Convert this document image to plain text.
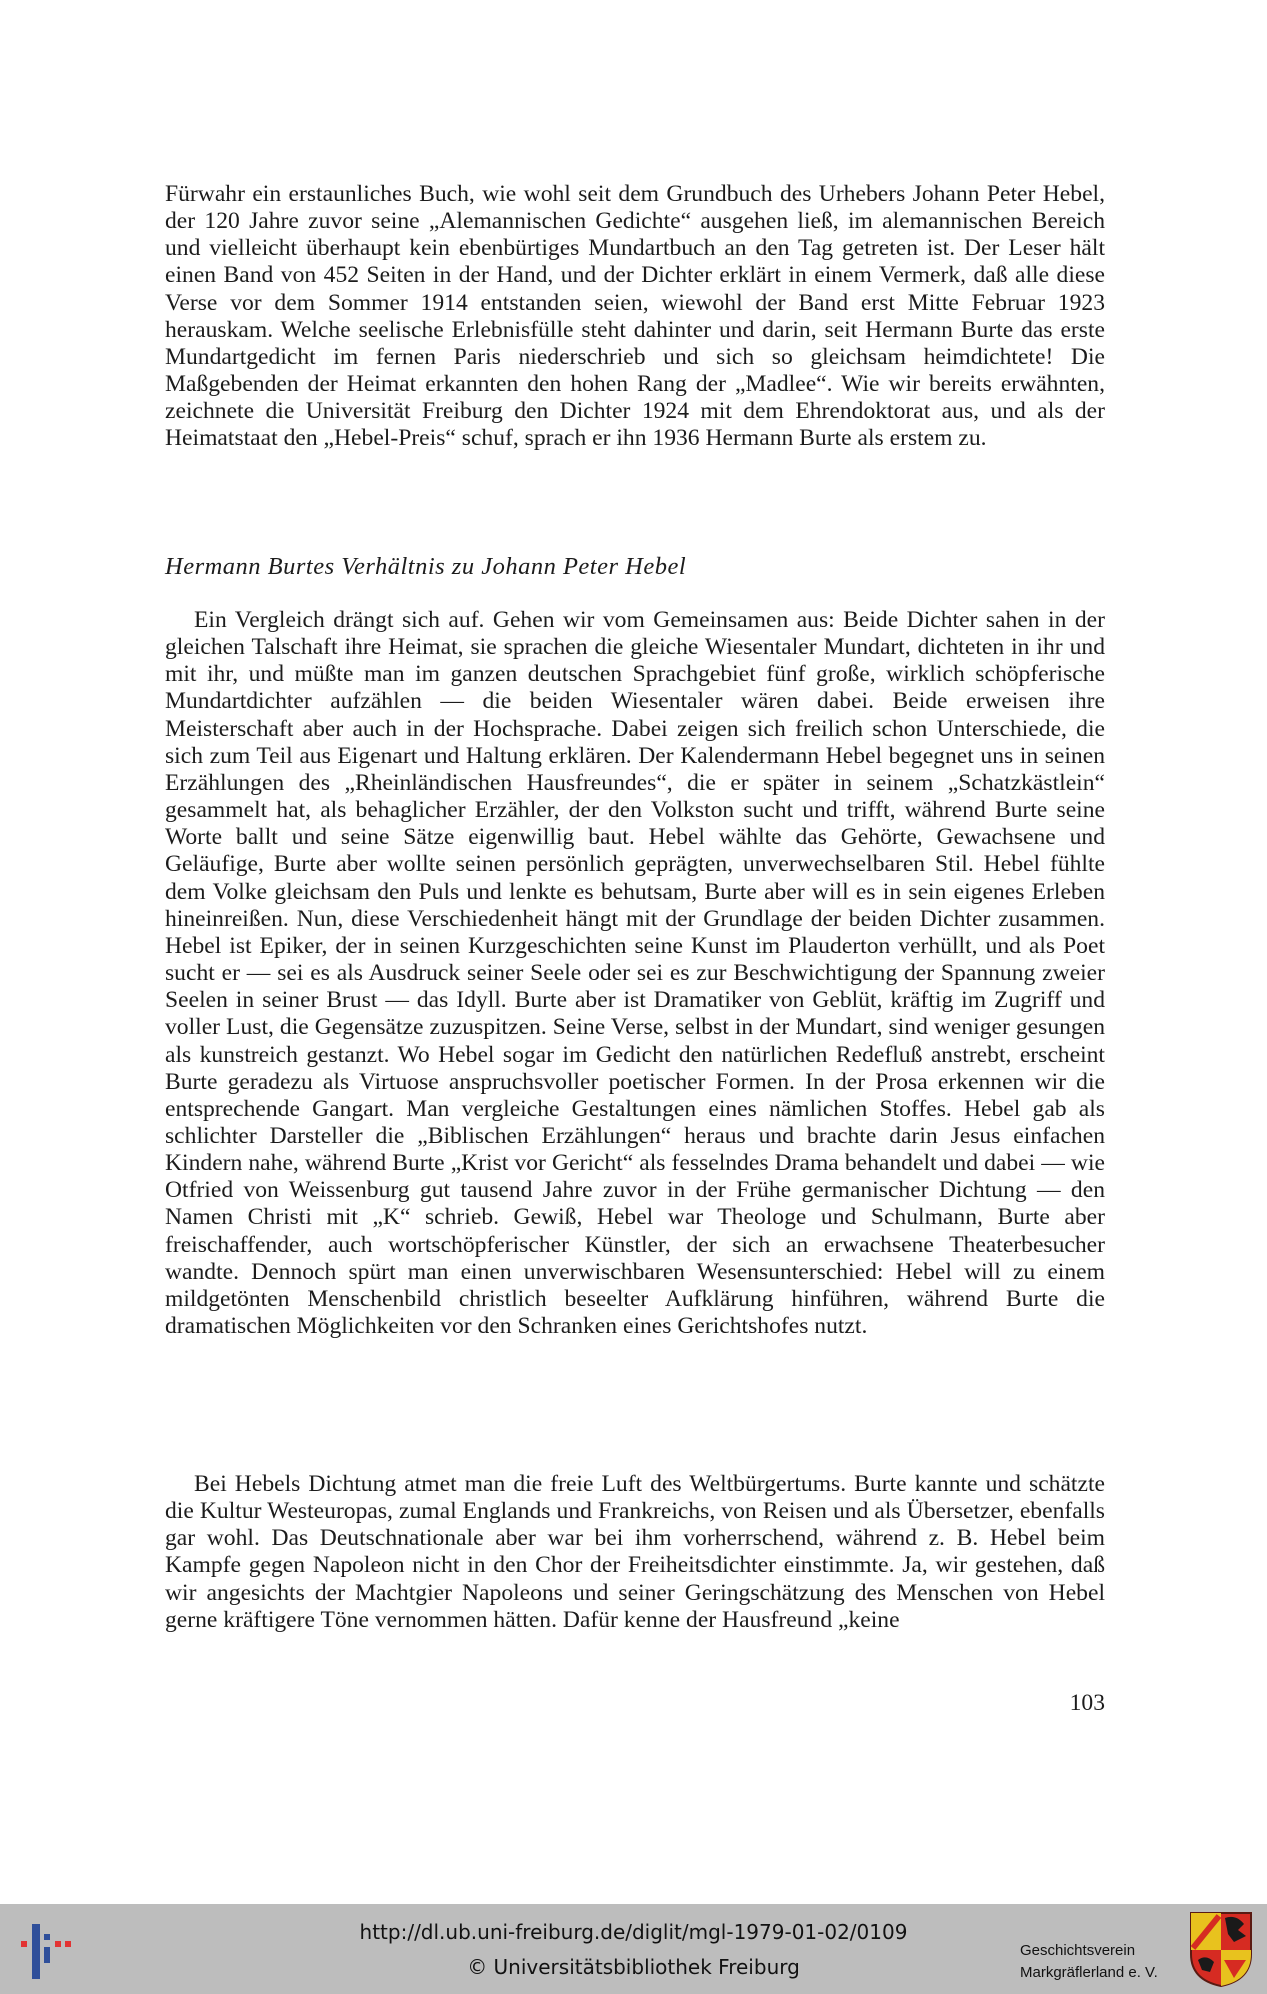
Fürwahr ein erstaunliches Buch, wie wohl seit dem Grundbuch des Urhebers Johann Peter Hebel, der 120 Jahre zuvor seine „Alemannischen Gedichte“ ausgehen ließ, im alemannischen Bereich und vielleicht überhaupt kein ebenbürtiges Mundartbuch an den Tag getreten ist. Der Leser hält einen Band von 452 Seiten in der Hand, und der Dichter erklärt in einem Vermerk, daß alle diese Verse vor dem Sommer 1914 entstanden seien, wiewohl der Band erst Mitte Februar 1923 herauskam. Welche seelische Erlebnisfülle steht dahinter und darin, seit Hermann Burte das erste Mundartgedicht im fernen Paris niederschrieb und sich so gleichsam heimdichtete! Die Maßgebenden der Heimat erkannten den hohen Rang der „Madlee“. Wie wir bereits erwähnten, zeichnete die Universität Freiburg den Dichter 1924 mit dem Ehrendoktorat aus, und als der Heimatstaat den „Hebel-Preis“ schuf, sprach er ihn 1936 Hermann Burte als erstem zu.

Hermann Burtes Verhältnis zu Johann Peter Hebel

Ein Vergleich drängt sich auf. Gehen wir vom Gemeinsamen aus: Beide Dichter sahen in der gleichen Talschaft ihre Heimat, sie sprachen die gleiche Wiesentaler Mundart, dichteten in ihr und mit ihr, und müßte man im ganzen deutschen Sprachgebiet fünf große, wirklich schöpferische Mundartdichter aufzählen — die beiden Wiesentaler wären dabei. Beide erweisen ihre Meisterschaft aber auch in der Hochsprache. Dabei zeigen sich freilich schon Unterschiede, die sich zum Teil aus Eigenart und Haltung erklären. Der Kalendermann Hebel begegnet uns in seinen Erzählungen des „Rheinländischen Hausfreundes“, die er später in seinem „Schatzkästlein“ gesammelt hat, als behaglicher Erzähler, der den Volkston sucht und trifft, während Burte seine Worte ballt und seine Sätze eigenwillig baut. Hebel wählte das Gehörte, Gewachsene und Geläufige, Burte aber wollte seinen persönlich geprägten, unverwechselbaren Stil. Hebel fühlte dem Volke gleichsam den Puls und lenkte es behutsam, Burte aber will es in sein eigenes Erleben hineinreißen. Nun, diese Verschiedenheit hängt mit der Grundlage der beiden Dichter zusammen. Hebel ist Epiker, der in seinen Kurzgeschichten seine Kunst im Plauderton verhüllt, und als Poet sucht er — sei es als Ausdruck seiner Seele oder sei es zur Beschwichtigung der Spannung zweier Seelen in seiner Brust — das Idyll. Burte aber ist Dramatiker von Geblüt, kräftig im Zugriff und voller Lust, die Gegensätze zuzuspitzen. Seine Verse, selbst in der Mundart, sind weniger gesungen als kunstreich gestanzt. Wo Hebel sogar im Gedicht den natürlichen Redefluß anstrebt, erscheint Burte geradezu als Virtuose anspruchsvoller poetischer Formen. In der Prosa erkennen wir die entsprechende Gangart. Man vergleiche Gestaltungen eines nämlichen Stoffes. Hebel gab als schlichter Darsteller die „Biblischen Erzählungen“ heraus und brachte darin Jesus einfachen Kindern nahe, während Burte „Krist vor Gericht“ als fesselndes Drama behandelt und dabei — wie Otfried von Weissenburg gut tausend Jahre zuvor in der Frühe germanischer Dichtung — den Namen Christi mit „K“ schrieb. Gewiß, Hebel war Theologe und Schulmann, Burte aber freischaffender, auch wortschöpferischer Künstler, der sich an erwachsene Theaterbesucher wandte. Dennoch spürt man einen unverwischbaren Wesensunterschied: Hebel will zu einem mildgetönten Menschenbild christlich beseelter Aufklärung hinführen, während Burte die dramatischen Möglichkeiten vor den Schranken eines Gerichtshofes nutzt.

Bei Hebels Dichtung atmet man die freie Luft des Weltbürgertums. Burte kannte und schätzte die Kultur Westeuropas, zumal Englands und Frankreichs, von Reisen und als Übersetzer, ebenfalls gar wohl. Das Deutschnationale aber war bei ihm vorherrschend, während z. B. Hebel beim Kampfe gegen Napoleon nicht in den Chor der Freiheitsdichter einstimmte. Ja, wir gestehen, daß wir angesichts der Machtgier Napoleons und seiner Geringschätzung des Menschen von Hebel gerne kräftigere Töne vernommen hätten. Dafür kenne der Hausfreund „keine

103
http://dl.ub.uni-freiburg.de/diglit/mgl-1979-01-02/0109
© Universitätsbibliothek Freiburg
Geschichtsverein
Markgräflerland e. V.
